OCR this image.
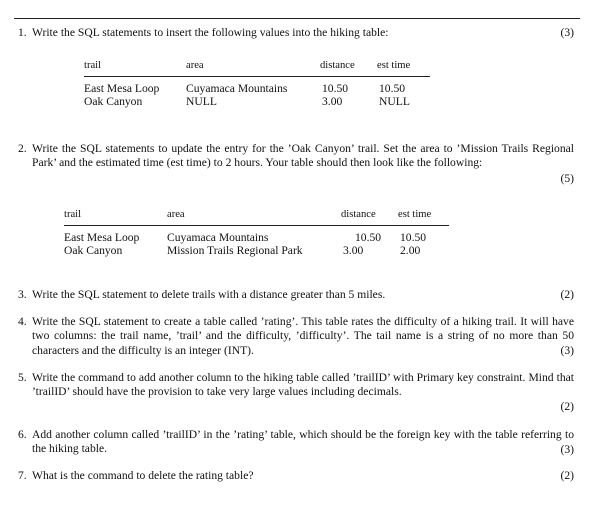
1. Write the SQL statements to insert the following values into the hiking table:	(3)
trail	area	distance	est time

East Mesa Loop	Cuyamaca Mountains	10.50	10.50
Oak Canyon	NULL	3.00	NULL
2. Write the SQL statements to update the entry for the ’Oak Canyon’ trail. Set the area to ’Mission Trails Regional Park’ and the estimated time (est time) to 2 hours. Your table should then look like the following:
(5)
trail	area	distance	est time

East Mesa Loop	Cuyamaca Mountains	10.50	10.50
Oak Canyon	Mission Trails Regional Park	3.00	2.00
3. Write the SQL statement to delete trails with a distance greater than 5 miles.	(2)
4. Write the SQL statement to create a table called ’rating’. This table rates the difficulty of a hiking trail. It will have two columns: the trail name, ’trail’ and the difficulty, ’difficulty’. The tail name is a string of no more than 50 characters and the difficulty is an integer (INT).	(3)
5. Write the command to add another column to the hiking table called ’trailID’ with Primary key constraint. Mind that ’trailID’ should have the provision to take very large values including decimals.
(2)
6. Add another column called ’trailID’ in the ’rating’ table, which should be the foreign key with the table referring to the hiking table.	(3)
7. What is the command to delete the rating table?	(2)
